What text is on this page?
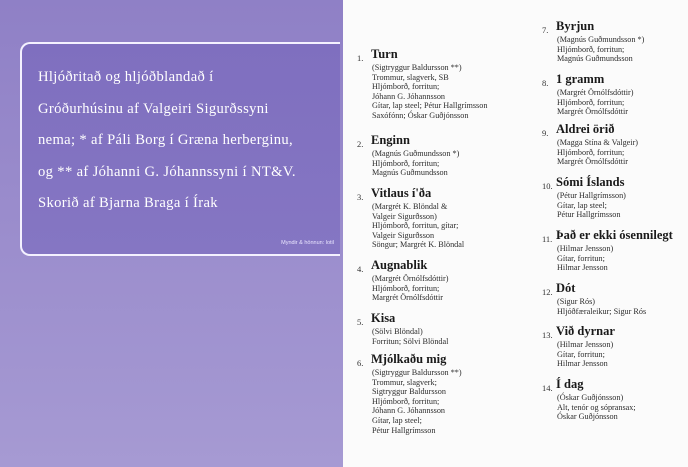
Hljóðritað og hljóðblandað í
Gróðurhúsinu af Valgeiri Sigurðssyni
nema; * af Páli Borg í Græna herberginu,
og ** af Jóhanni G. Jóhannssyni í NT&V.
Skorið af Bjarna Braga í Írak
Myndir & hönnun: lotil
1. Turn
(Sigtryggur Baldursson **)
Trommur, slagverk, SB
Hljómborð, forritun;
Jóhann G. Jóhannsson
Gítar, lap steel; Pétur Hallgrímsson
Saxófónn; Óskar Guðjónsson
2. Enginn
(Magnús Guðmundsson *)
Hljómborð, forritun;
Magnús Guðmundsson
3. Vitlaus í'ða
(Margrét K. Blöndal &
Valgeir Sigurðsson)
Hljómborð, forritun, gítar;
Valgeir Sigurðsson
Söngur; Margrét K. Blöndal
4. Augnablik
(Margrét Örnólfsdóttir)
Hljómborð, forritun;
Margrét Örnólfsdóttir
5. Kisa
(Sölvi Blöndal)
Forritun; Sölvi Blöndal
6. Mjólkaðu mig
(Sigtryggur Baldursson **)
Trommur, slagverk;
Sigtryggur Baldursson
Hljómborð, forritun;
Jóhann G. Jóhannsson
Gítar, lap steel;
Pétur Hallgrímsson
7. Byrjun
(Magnús Guðmundsson *)
Hljómborð, forritun;
Magnús Guðmundsson
8. 1 gramm
(Margrét Örnólfsdóttir)
Hljómborð, forritun;
Margrét Örnólfsdóttir
9. Aldrei örið
(Magga Stína & Valgeir)
Hljómborð, forritun;
Margrét Örnólfsdóttir
10. Sómi Íslands
(Pétur Hallgrímsson)
Gítar, lap steel;
Pétur Hallgrímsson
11. Það er ekki ósennilegt
(Hilmar Jensson)
Gítar, forritun;
Hilmar Jensson
12. Dót
(Sigur Rós)
Hljóðfæraleikur; Sigur Rós
13. Við dyrnar
(Hilmar Jensson)
Gítar, forritun;
Hilmar Jensson
14. Í dag
(Óskar Guðjónsson)
Alt, tenór og sópransax;
Óskar Guðjónsson
